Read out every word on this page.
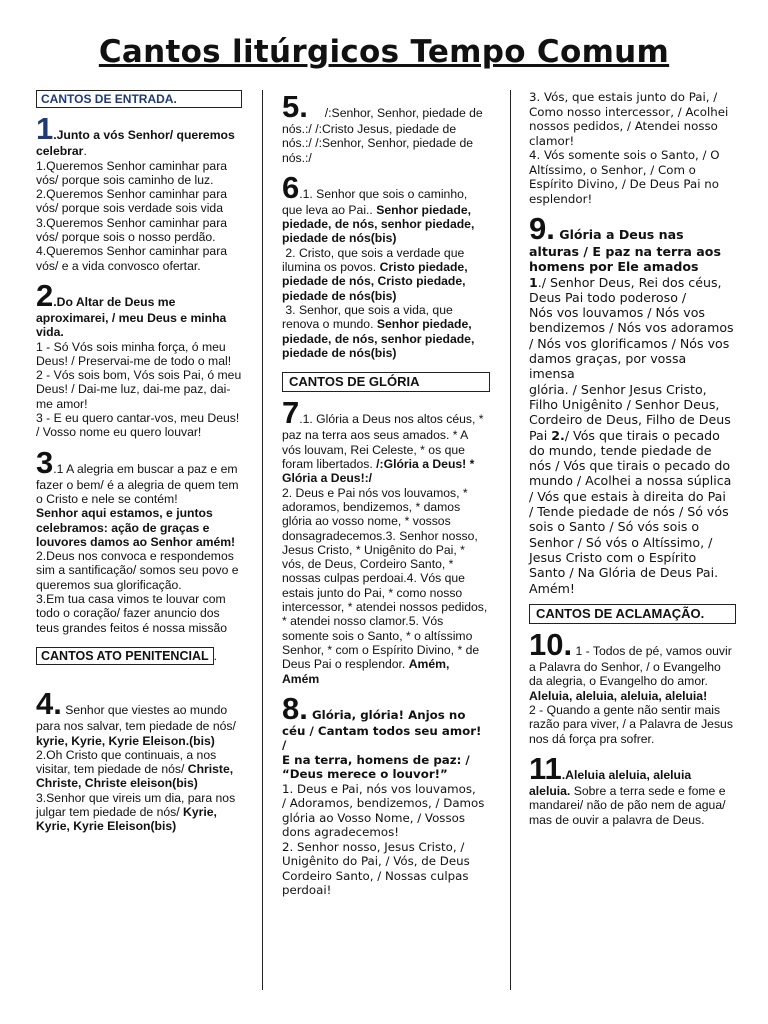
Cantos litúrgicos Tempo Comum
CANTOS DE ENTRADA.
1.Junto a vós Senhor/ queremos celebrar.
1.Queremos Senhor caminhar para vós/ porque sois caminho de luz.
2.Queremos Senhor caminhar para vós/ porque sois verdade sois vida
3.Queremos Senhor caminhar para vós/ porque sois o nosso perdão.
4.Queremos Senhor caminhar para vós/ e a vida convosco ofertar.
2.Do Altar de Deus me aproximarei, / meu Deus e minha vida.
1 - Só Vós sois minha força, ó meu Deus! / Preservai-me de todo o mal!
2 - Vós sois bom, Vós sois Pai, ó meu Deus! / Dai-me luz, dai-me paz, dai-me amor!
3 - E eu quero cantar-vos, meu Deus! / Vosso nome eu quero louvar!
3.1 A alegria em buscar a paz e em fazer o bem/ é a alegria de quem tem o Cristo e nele se contém!
Senhor aqui estamos, e juntos celebramos: ação de graças e louvores damos ao Senhor amém!
2.Deus nos convoca e respondemos sim a santificação/ somos seu povo e queremos sua glorificação.
3.Em tua casa vimos te louvar com todo o coração/ fazer anuncio dos teus grandes feitos é nossa missão
CANTOS ATO PENITENCIAL .
4. Senhor que viestes ao mundo para nos salvar, tem piedade de nós/ kyrie, Kyrie, Kyrie Eleison.(bis)
2.Oh Cristo que continuais, a nos visitar, tem piedade de nós/ Christe, Christe, Christe eleison(bis)
3.Senhor que vireis um dia, para nos julgar tem piedade de nós/ Kyrie, Kyrie, Kyrie Eleison(bis)
5.     /:Senhor, Senhor, piedade de nós.:/ /:Cristo Jesus, piedade de nós.:/ /:Senhor, Senhor, piedade de nós.:/
6.1. Senhor que sois o caminho, que leva ao Pai.. Senhor piedade, piedade, de nós, senhor piedade, piedade de nós(bis)
2. Cristo, que sois a verdade que ilumina os povos. Cristo piedade, piedade de nós, Cristo piedade, piedade de nós(bis)
3. Senhor, que sois a vida, que renova o mundo. Senhor piedade, piedade, de nós, senhor piedade, piedade de nós(bis)
CANTOS DE GLÓRIA
7.1. Glória a Deus nos altos céus, * paz na terra aos seus amados. * A vós louvam, Rei Celeste, * os que foram libertados. /:Glória a Deus! * Glória a Deus!:/
2. Deus e Pai nós vos louvamos, * adoramos, bendizemos, * damos glória ao vosso nome, * vossos donsagradecemos.3. Senhor nosso, Jesus Cristo, * Unigênito do Pai, * vós, de Deus, Cordeiro Santo, * nossas culpas perdoai.4. Vós que estais junto do Pai, * como nosso intercessor, * atendei nossos pedidos, * atendei nosso clamor.5. Vós somente sois o Santo, * o altíssimo Senhor, * com o Espírito Divino, * de Deus Pai o resplendor. Amém, Amém
8. Glória, glória! Anjos no céu / Cantam todos seu amor! /
E na terra, homens de paz: /
“Deus merece o louvor!”
1. Deus e Pai, nós vos louvamos,
/ Adoramos, bendizemos, / Damos
glória ao Vosso Nome, / Vossos
dons agradecemos!
2. Senhor nosso, Jesus Cristo, / Unigênito do Pai, / Vós, de Deus
Cordeiro Santo, / Nossas culpas
perdoai!
3. Vós, que estais junto do Pai, /
Como nosso intercessor, / Acolhei
nossos pedidos, / Atendei nosso
clamor!
4. Vós somente sois o Santo, / O
Altíssimo, o Senhor, / Com o
Espírito Divino, / De Deus Pai no
esplendor!
9. Glória a Deus nas alturas / E paz na terra aos homens por Ele amados
1./ Senhor Deus, Rei dos céus, Deus Pai todo poderoso /
Nós vos louvamos / Nós vos bendizemos / Nós vos adoramos / Nós vos glorificamos / Nós vos damos graças, por vossa imensa
glória. / Senhor Jesus Cristo, Filho Unigênito / Senhor Deus, Cordeiro de Deus, Filho de Deus Pai 2./ Vós que tirais o pecado do mundo, tende piedade de nós / Vós que tirais o pecado do mundo / Acolhei a nossa súplica / Vós que estais à direita do Pai / Tende piedade de nós / Só vós sois o Santo / Só vós sois o Senhor / Só vós o Altíssimo, / Jesus Cristo com o Espírito Santo / Na Glória de Deus Pai. Amém!
CANTOS DE ACLAMAÇÃO.
10. 1 - Todos de pé, vamos ouvir a Palavra do Senhor, / o Evangelho da alegria, o Evangelho do amor.
Aleluia, aleluia, aleluia, aleluia!
2 - Quando a gente não sentir mais razão para viver, / a Palavra de Jesus nos dá força pra sofrer.
11.Aleluia aleluia, aleluia aleluia. Sobre a terra sede e fome e mandarei/ não de pão nem de agua/ mas de ouvir a palavra de Deus.
